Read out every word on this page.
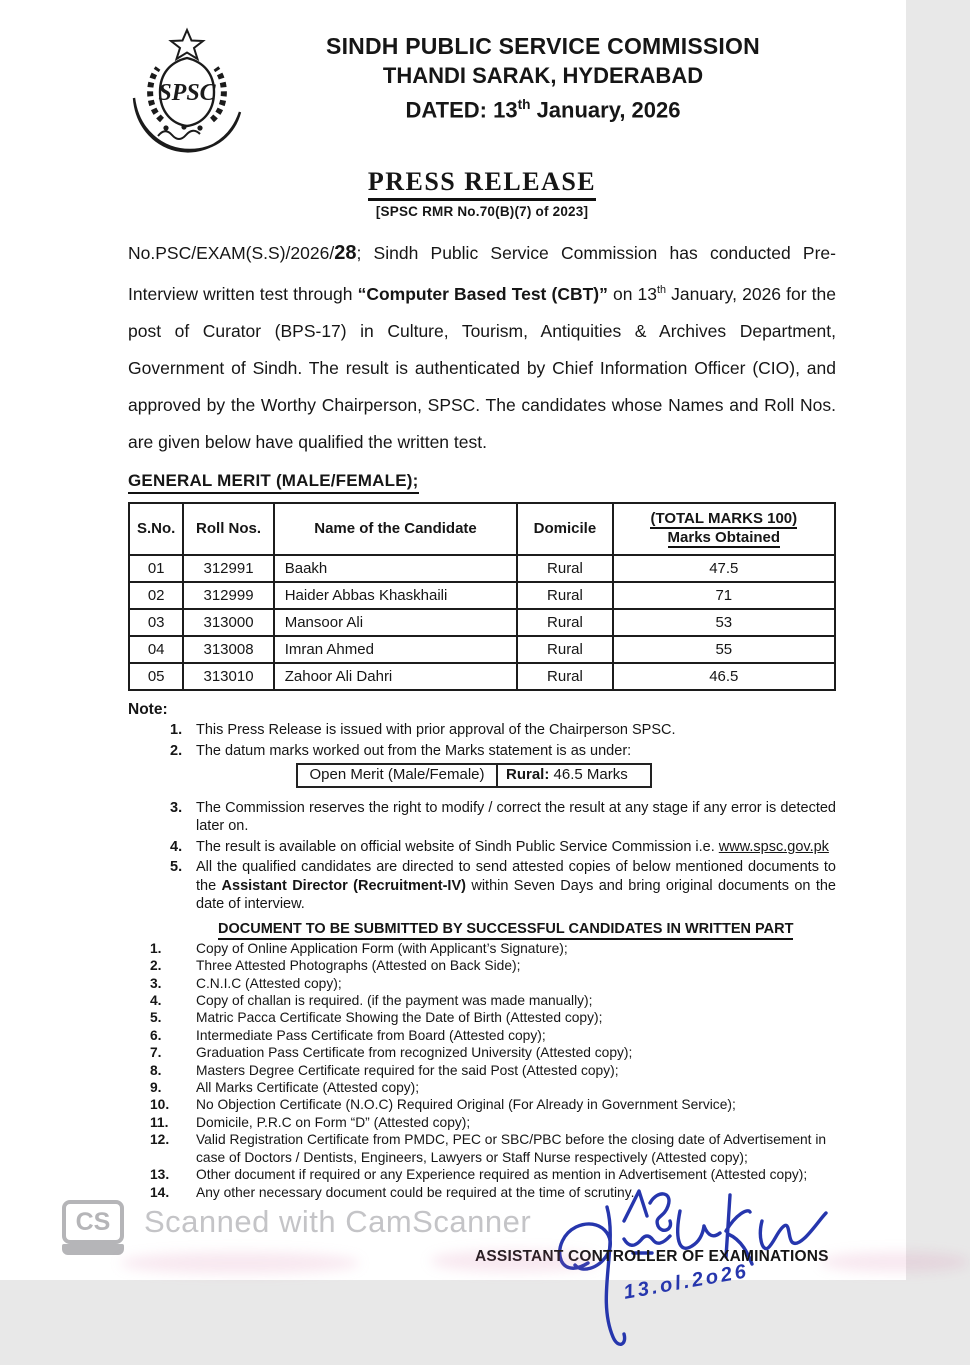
SPSC
SINDH PUBLIC SERVICE COMMISSION
THANDI SARAK, HYDERABAD
DATED: 13th January, 2026
PRESS RELEASE
[SPSC RMR No.70(B)(7) of 2023]

No.PSC/EXAM(S.S)/2026/28; Sindh Public Service Commission has conducted Pre-Interview written test through “Computer Based Test (CBT)” on 13th January, 2026 for the post of Curator (BPS-17) in Culture, Tourism, Antiquities & Archives Department, Government of Sindh. The result is authenticated by Chief Information Officer (CIO), and approved by the Worthy Chairperson, SPSC. The candidates whose Names and Roll Nos. are given below have qualified the written test.

GENERAL MERIT (MALE/FEMALE);
S.No.	Roll Nos.	Name of the Candidate	Domicile	(TOTAL MARKS 100)
Marks Obtained
01	312991	Baakh	Rural	47.5
02	312999	Haider Abbas Khaskhaili	Rural	71
03	313000	Mansoor Ali	Rural	53
04	313008	Imran Ahmed	Rural	55
05	313010	Zahoor Ali Dahri	Rural	46.5
Note:
1. This Press Release is issued with prior approval of the Chairperson SPSC.
2. The datum marks worked out from the Marks statement is as under:
Open Merit (Male/Female)	Rural: 46.5 Marks
3. The Commission reserves the right to modify / correct the result at any stage if any error is detected later on.
4. The result is available on official website of Sindh Public Service Commission i.e. www.spsc.gov.pk
5. All the qualified candidates are directed to send attested copies of below mentioned documents to the Assistant Director (Recruitment-IV) within Seven Days and bring original documents on the date of interview.
DOCUMENT TO BE SUBMITTED BY SUCCESSFUL CANDIDATES IN WRITTEN PART
1.	Copy of Online Application Form (with Applicant’s Signature);
2.	Three Attested Photographs (Attested on Back Side);
3.	C.N.I.C (Attested copy);
4.	Copy of challan is required. (if the payment was made manually);
5.	Matric Pacca Certificate Showing the Date of Birth (Attested copy);
6.	Intermediate Pass Certificate from Board (Attested copy);
7.	Graduation Pass Certificate from recognized University (Attested copy);
8.	Masters Degree Certificate required for the said Post (Attested copy);
9.	All Marks Certificate (Attested copy);
10.	No Objection Certificate (N.O.C) Required Original (For Already in Government Service);
11.	Domicile, P.R.C on Form “D” (Attested copy);
12.	Valid Registration Certificate from PMDC, PEC or SBC/PBC before the closing date of Advertisement in case of Doctors / Dentists, Engineers, Lawyers or Staff Nurse respectively (Attested copy);
13.	Other document if required or any Experience required as mention in Advertisement (Attested copy);
14.	Any other necessary document could be required at the time of scrutiny.
ASSISTANT CONTROLLER OF EXAMINATIONS
13.ol.2o26
CS Scanned with CamScanner
